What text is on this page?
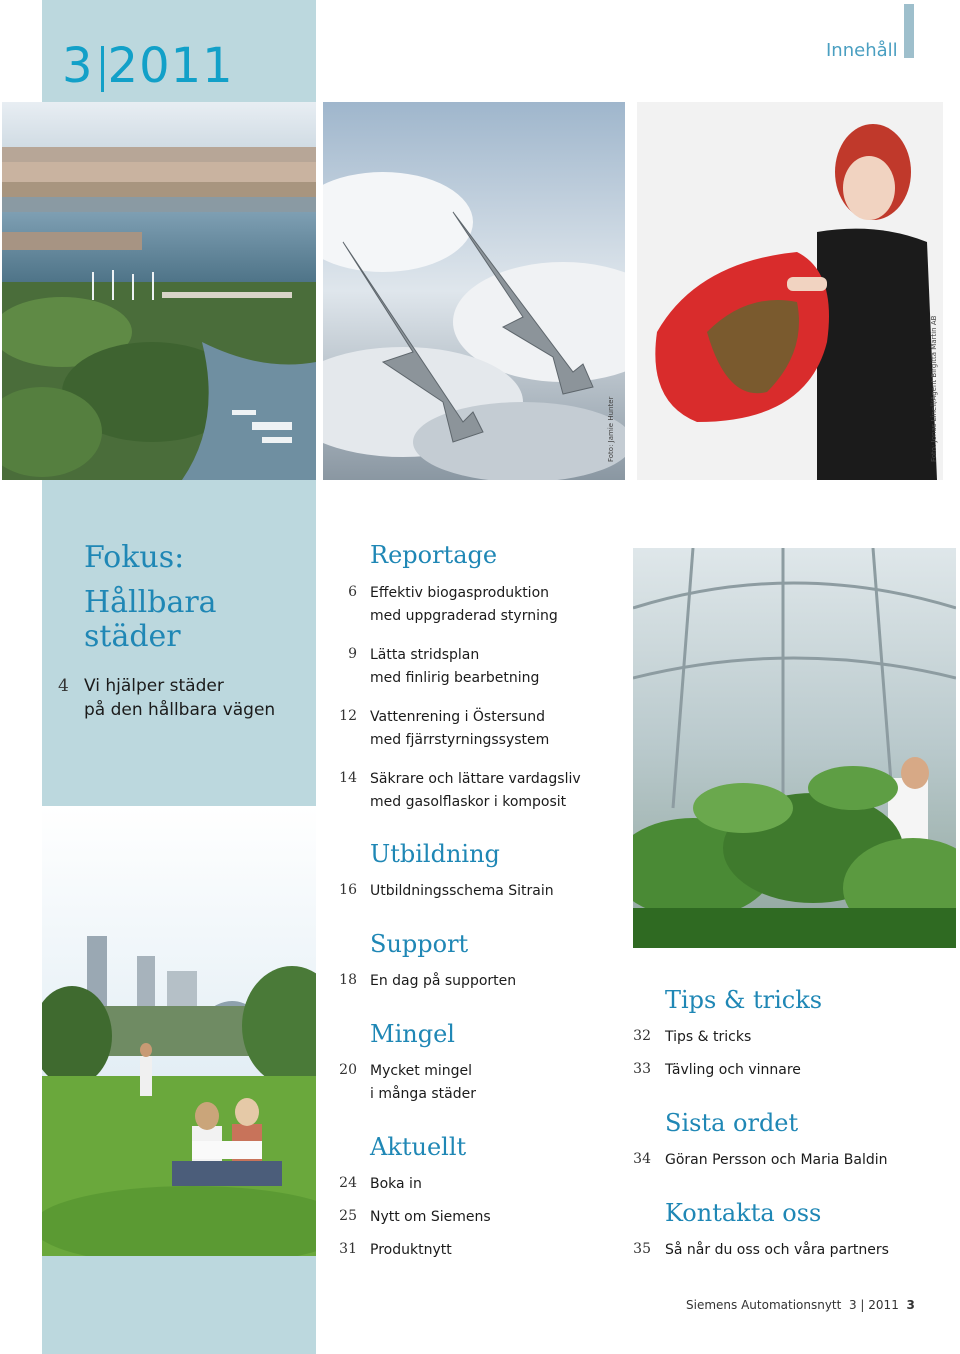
3 2011	Innehåll
Foto: Jamie Hunter	Foto: Jonas Linell/Agent Birgitta Martin AB
Fokus:
Hållbara
städer
4 Vi hjälper städer
på den hållbara vägen
Reportage
6 Effektiv biogasproduktion
med uppgraderad styrning
9 Lätta stridsplan
med finlirig bearbetning
12 Vattenrening i Östersund
med fjärrstyrningssystem
14 Säkrare och lättare vardagsliv
med gasolflaskor i komposit
Utbildning
16 Utbildningsschema Sitrain
Support
18 En dag på supporten
Mingel
20 Mycket mingel
i många städer
Aktuellt
24 Boka in
25 Nytt om Siemens
31 Produktnytt
Tips & tricks
32 Tips & tricks
33 Tävling och vinnare
Sista ordet
34 Göran Persson och Maria Baldin
Kontakta oss
35 Så når du oss och våra partners
Siemens Automationsnytt 3 | 2011 3
